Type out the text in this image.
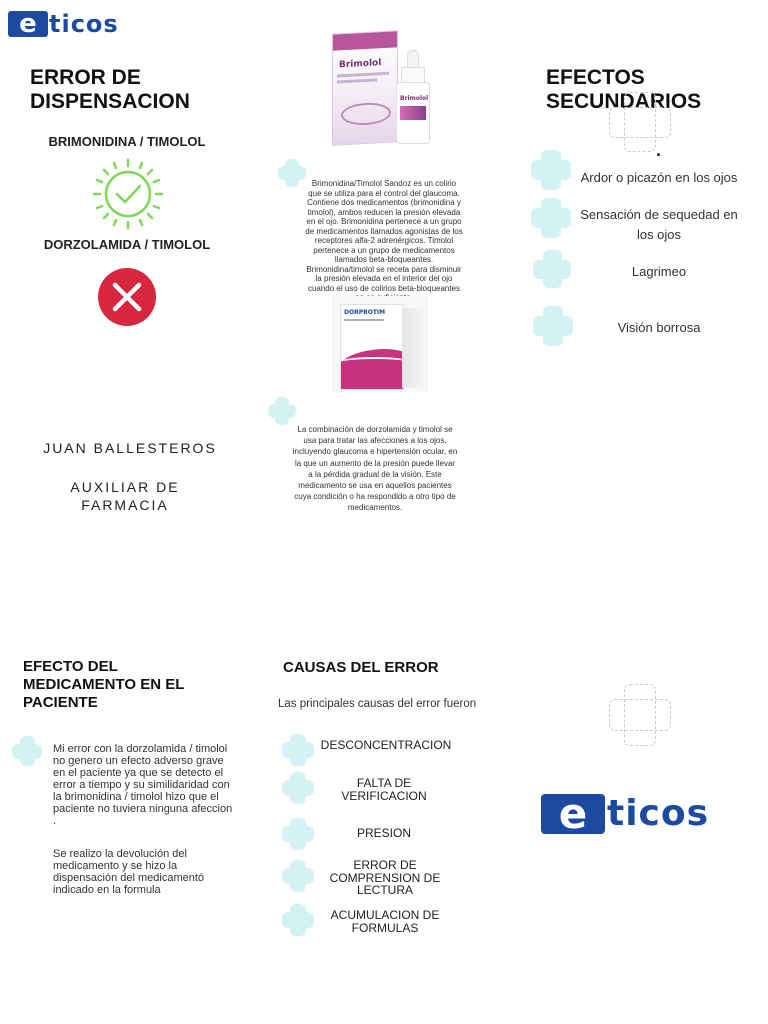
e ticos
ERROR DE
DISPENSACION
BRIMONIDINA / TIMOLOL
DORZOLAMIDA / TIMOLOL
JUAN BALLESTEROS
AUXILIAR DE
FARMACIA
Brimolol
Brimolol
Brimonidina/Timolol Sandoz es un colirio que se utiliza para el control del glaucoma. Contiene dos medicamentos (brimonidina y timolol), ambos reducen la presión elevada en el ojo. Brimonidina pertenece a un grupo de medicamentos llamados agonistas de los receptores alfa-2 adrenérgicos. Timolol pertenece a un grupo de medicamentos llamados beta-bloqueantes. Brimonidina/timolol se receta para disminuir la presión elevada en el interior del ojo cuando el uso de colirios beta-bloqueantes
DORPROTIM
La combinación de dorzolamida y timolol se usa para tratar las afecciones a los ojos, incluyendo glaucoma e hipertensión ocular, en la que un aumento de la presión puede llevar a la pérdida gradual de la visión. Este medicamento se usa en aquellos pacientes cuya condición o ha respondido a otro tipo de medicamentos.
EFECTOS
SECUNDARIOS
.
Ardor o picazón en los ojos
Sensación de sequedad en los ojos
Lagrimeo
Visión borrosa
EFECTO DEL
MEDICAMENTO EN EL
PACIENTE
Mi error con la dorzolamida / timolol no genero un efecto adverso grave en el paciente ya que se detecto el error a tiempo y su similidaridad con la brimonidina / timolol hizo que el paciente no tuviera ninguna afeccion .
Se realizo la devolución del medicamento y se hizo la dispensación del medicamentó indicado en la formula
CAUSAS DEL ERROR
Las principales causas del error fueron
DESCONCENTRACION
FALTA DE VERIFICACION
PRESION
ERROR DE COMPRENSION DE LECTURA
ACUMULACION DE FORMULAS
e ticos
